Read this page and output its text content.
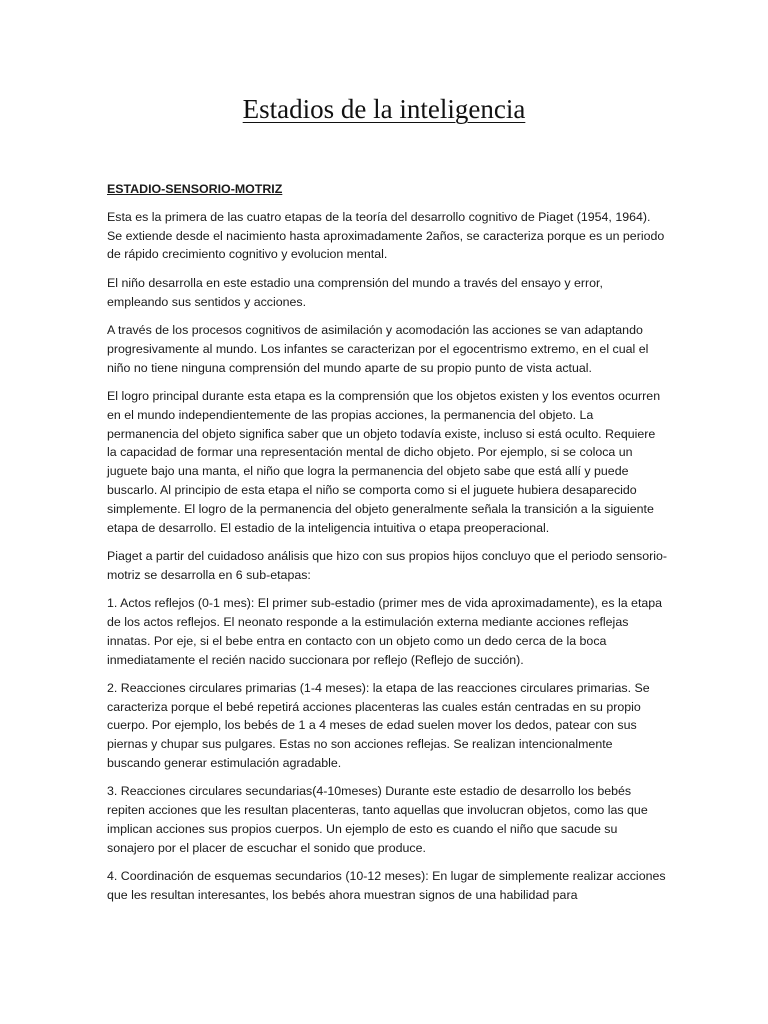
Estadios de la inteligencia
ESTADIO-SENSORIO-MOTRIZ

Esta es la primera de las cuatro etapas de la teoría del desarrollo cognitivo de Piaget (1954, 1964). Se extiende desde el nacimiento hasta aproximadamente 2años, se caracteriza porque es un periodo de rápido crecimiento cognitivo y evolucion mental.

El niño desarrolla en este estadio una comprensión del mundo a través del ensayo y error, empleando sus sentidos y acciones.

A través de los procesos cognitivos de asimilación y acomodación las acciones se van adaptando progresivamente al mundo. Los infantes se caracterizan por el egocentrismo extremo, en el cual el niño no tiene ninguna comprensión del mundo aparte de su propio punto de vista actual.

El logro principal durante esta etapa es la comprensión que los objetos existen y los eventos ocurren en el mundo independientemente de las propias acciones, la permanencia del objeto. La permanencia del objeto significa saber que un objeto todavía existe, incluso si está oculto. Requiere la capacidad de formar una representación mental de dicho objeto. Por ejemplo, si se coloca un juguete bajo una manta, el niño que logra la permanencia del objeto sabe que está allí y puede buscarlo. Al principio de esta etapa el niño se comporta como si el juguete hubiera desaparecido simplemente. El logro de la permanencia del objeto generalmente señala la transición a la siguiente etapa de desarrollo. El estadio de la inteligencia intuitiva o etapa preoperacional.

Piaget a partir del cuidadoso análisis que hizo con sus propios hijos concluyo que el periodo sensorio-motriz se desarrolla en 6 sub-etapas:

1. Actos reflejos (0-1 mes): El primer sub-estadio (primer mes de vida aproximadamente), es la etapa de los actos reflejos. El neonato responde a la estimulación externa mediante acciones reflejas innatas. Por eje, si el bebe entra en contacto con un objeto como un dedo cerca de la boca inmediatamente el recién nacido succionara por reflejo (Reflejo de succión).

2. Reacciones circulares primarias (1-4 meses): la etapa de las reacciones circulares primarias. Se caracteriza porque el bebé repetirá acciones placenteras las cuales están centradas en su propio cuerpo. Por ejemplo, los bebés de 1 a 4 meses de edad suelen mover los dedos, patear con sus piernas y chupar sus pulgares. Estas no son acciones reflejas. Se realizan intencionalmente buscando generar estimulación agradable.

3. Reacciones circulares secundarias(4-10meses) Durante este estadio de desarrollo los bebés repiten acciones que les resultan placenteras, tanto aquellas que involucran objetos, como las que implican acciones sus propios cuerpos. Un ejemplo de esto es cuando el niño que sacude su sonajero por el placer de escuchar el sonido que produce.

4. Coordinación de esquemas secundarios (10-12 meses): En lugar de simplemente realizar acciones que les resultan interesantes, los bebés ahora muestran signos de una habilidad para
